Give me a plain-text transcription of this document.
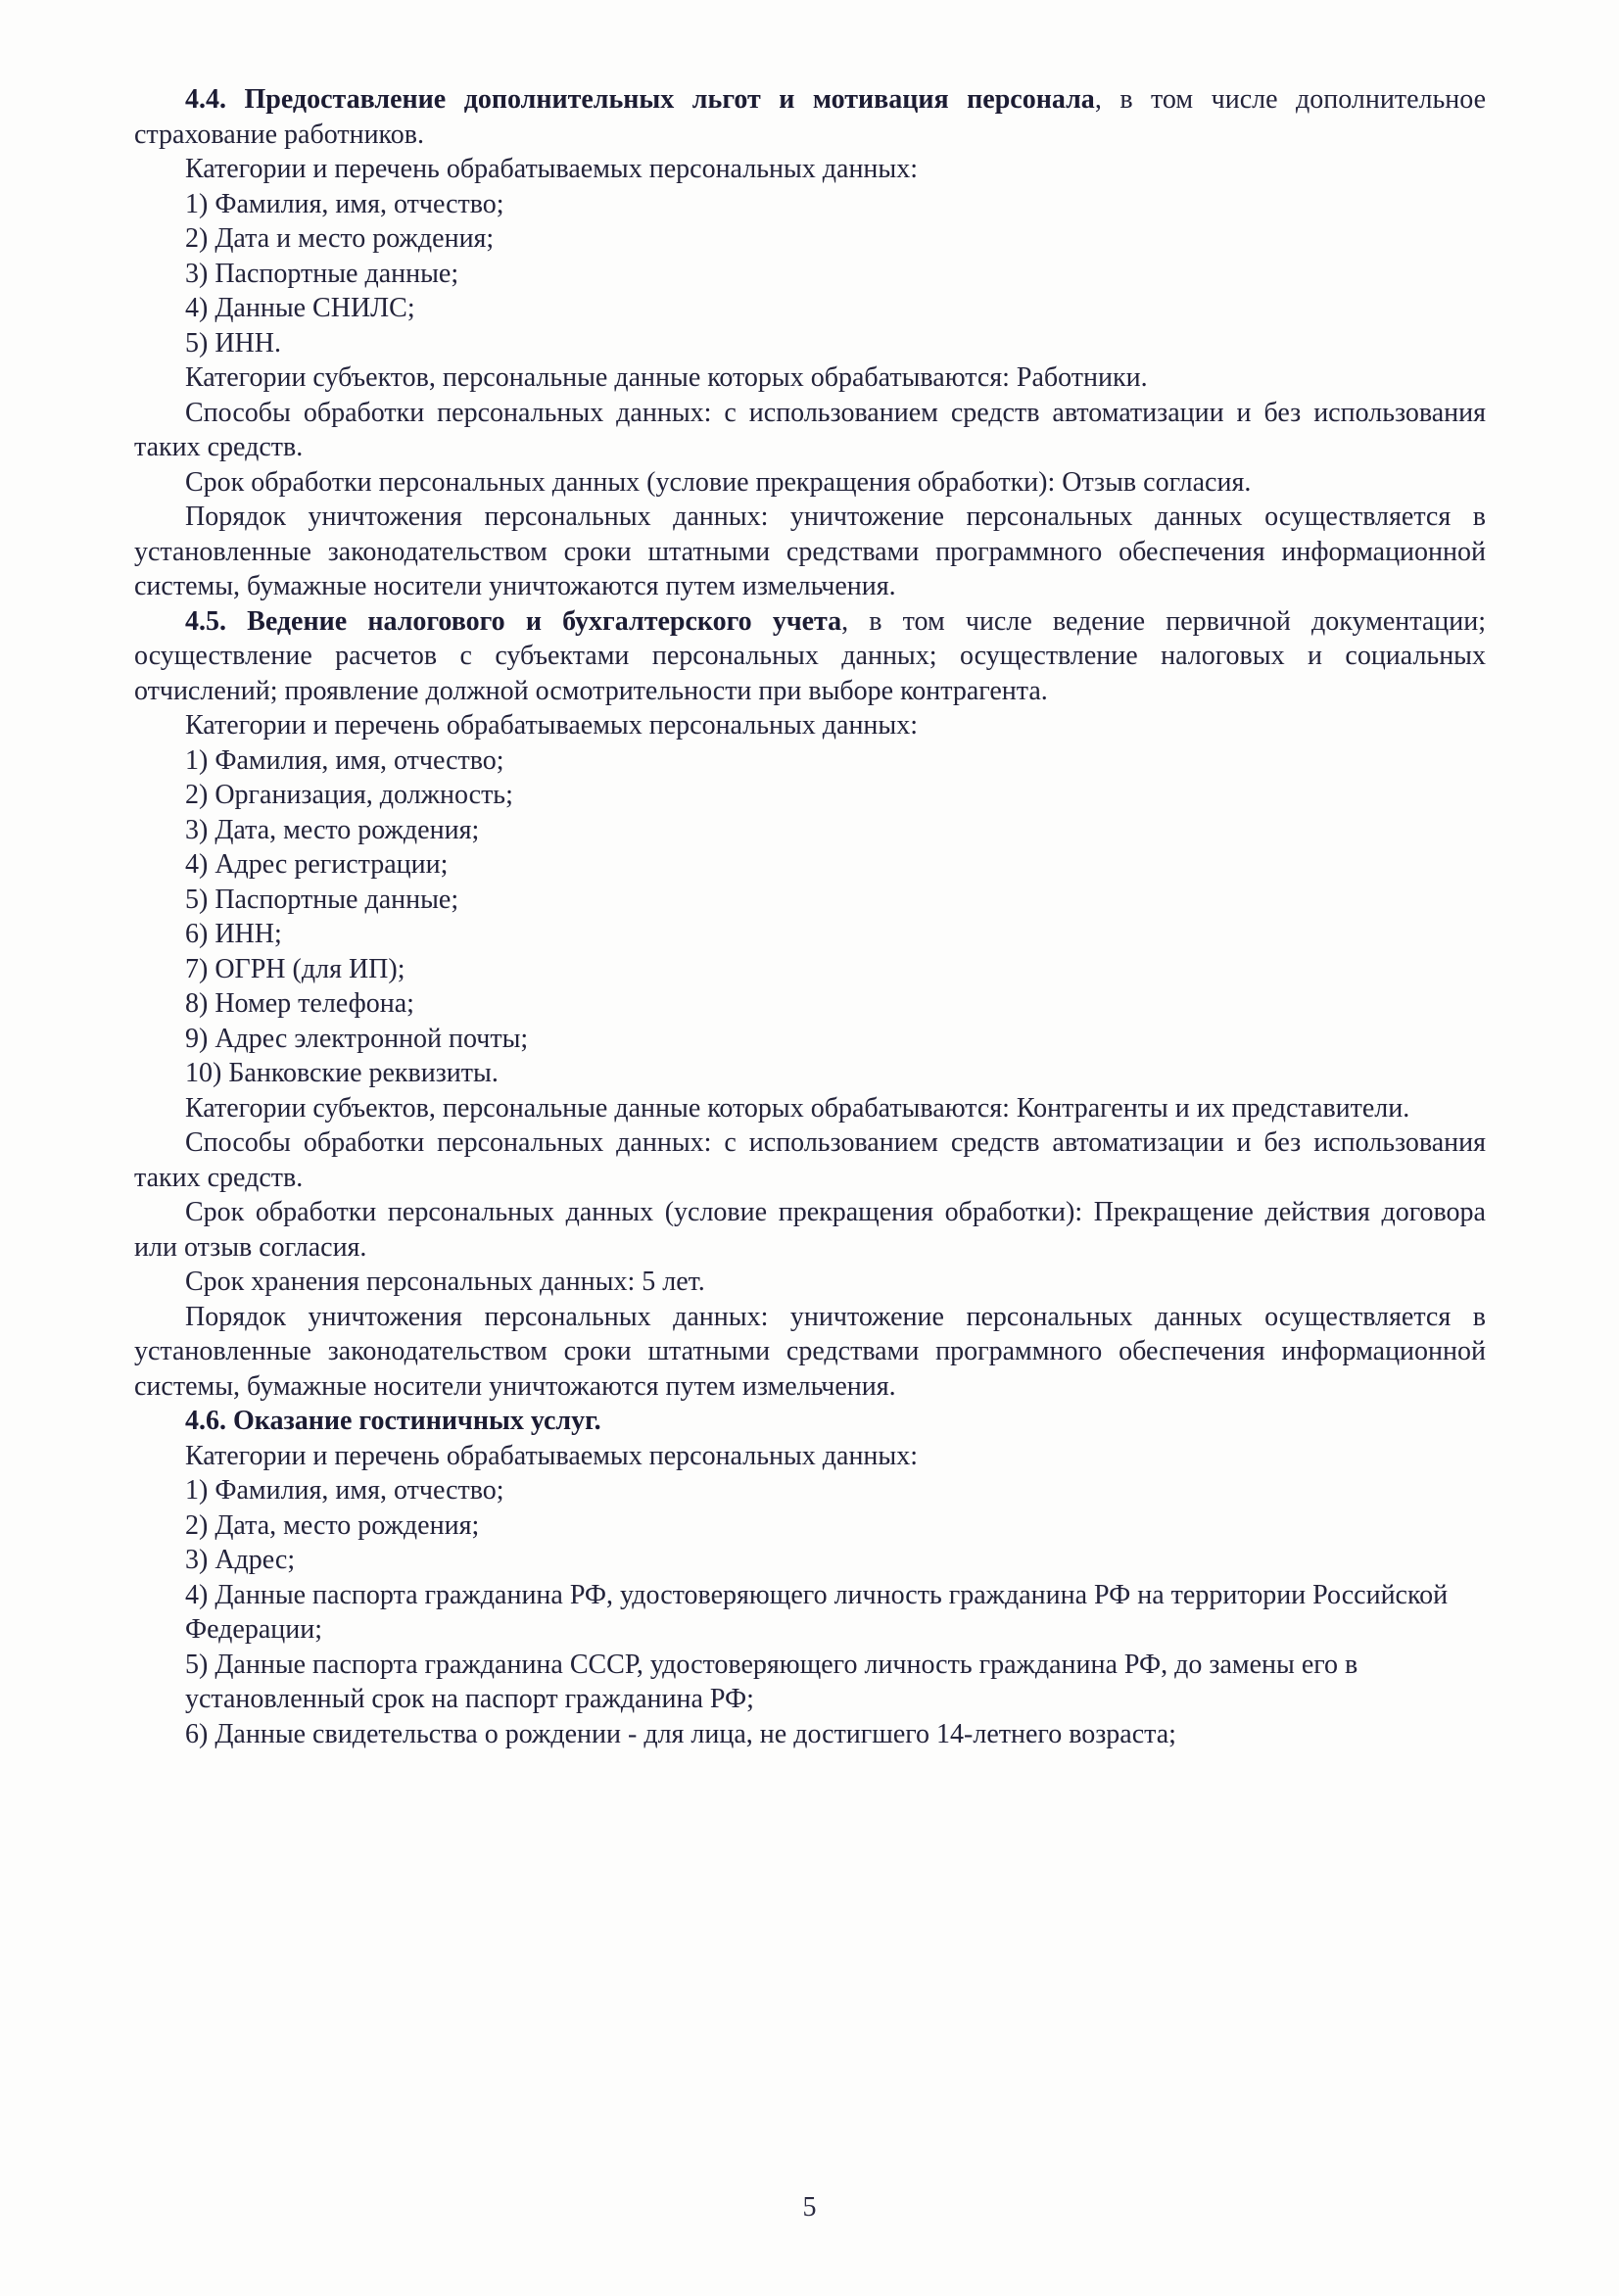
4.4. Предоставление дополнительных льгот и мотивация персонала, в том числе дополнительное страхование работников.

Категории и перечень обрабатываемых персональных данных:

1) Фамилия, имя, отчество;

2) Дата и место рождения;

3) Паспортные данные;

4) Данные СНИЛС;

5) ИНН.

Категории субъектов, персональные данные которых обрабатываются: Работники.

Способы обработки персональных данных: с использованием средств автоматизации и без использования таких средств.

Срок обработки персональных данных (условие прекращения обработки): Отзыв согласия.

Порядок уничтожения персональных данных: уничтожение персональных данных осуществляется в установленные законодательством сроки штатными средствами программного обеспечения информационной системы, бумажные носители уничтожаются путем измельчения.

4.5. Ведение налогового и бухгалтерского учета, в том числе ведение первичной документации; осуществление расчетов с субъектами персональных данных; осуществление налоговых и социальных отчислений; проявление должной осмотрительности при выборе контрагента.

Категории и перечень обрабатываемых персональных данных:

1) Фамилия, имя, отчество;

2) Организация, должность;

3) Дата, место рождения;

4) Адрес регистрации;

5) Паспортные данные;

6) ИНН;

7) ОГРН (для ИП);

8) Номер телефона;

9) Адрес электронной почты;

10) Банковские реквизиты.

Категории субъектов, персональные данные которых обрабатываются: Контрагенты и их представители.

Способы обработки персональных данных: с использованием средств автоматизации и без использования таких средств.

Срок обработки персональных данных (условие прекращения обработки): Прекращение действия договора или отзыв согласия.

Срок хранения персональных данных: 5 лет.

Порядок уничтожения персональных данных: уничтожение персональных данных осуществляется в установленные законодательством сроки штатными средствами программного обеспечения информационной системы, бумажные носители уничтожаются путем измельчения.

4.6. Оказание гостиничных услуг.

Категории и перечень обрабатываемых персональных данных:

1) Фамилия, имя, отчество;

2) Дата, место рождения;

3) Адрес;

4) Данные паспорта гражданина РФ, удостоверяющего личность гражданина РФ на территории Российской Федерации;

5) Данные паспорта гражданина СССР, удостоверяющего личность гражданина РФ, до замены его в установленный срок на паспорт гражданина РФ;

6) Данные свидетельства о рождении - для лица, не достигшего 14-летнего возраста;

5
